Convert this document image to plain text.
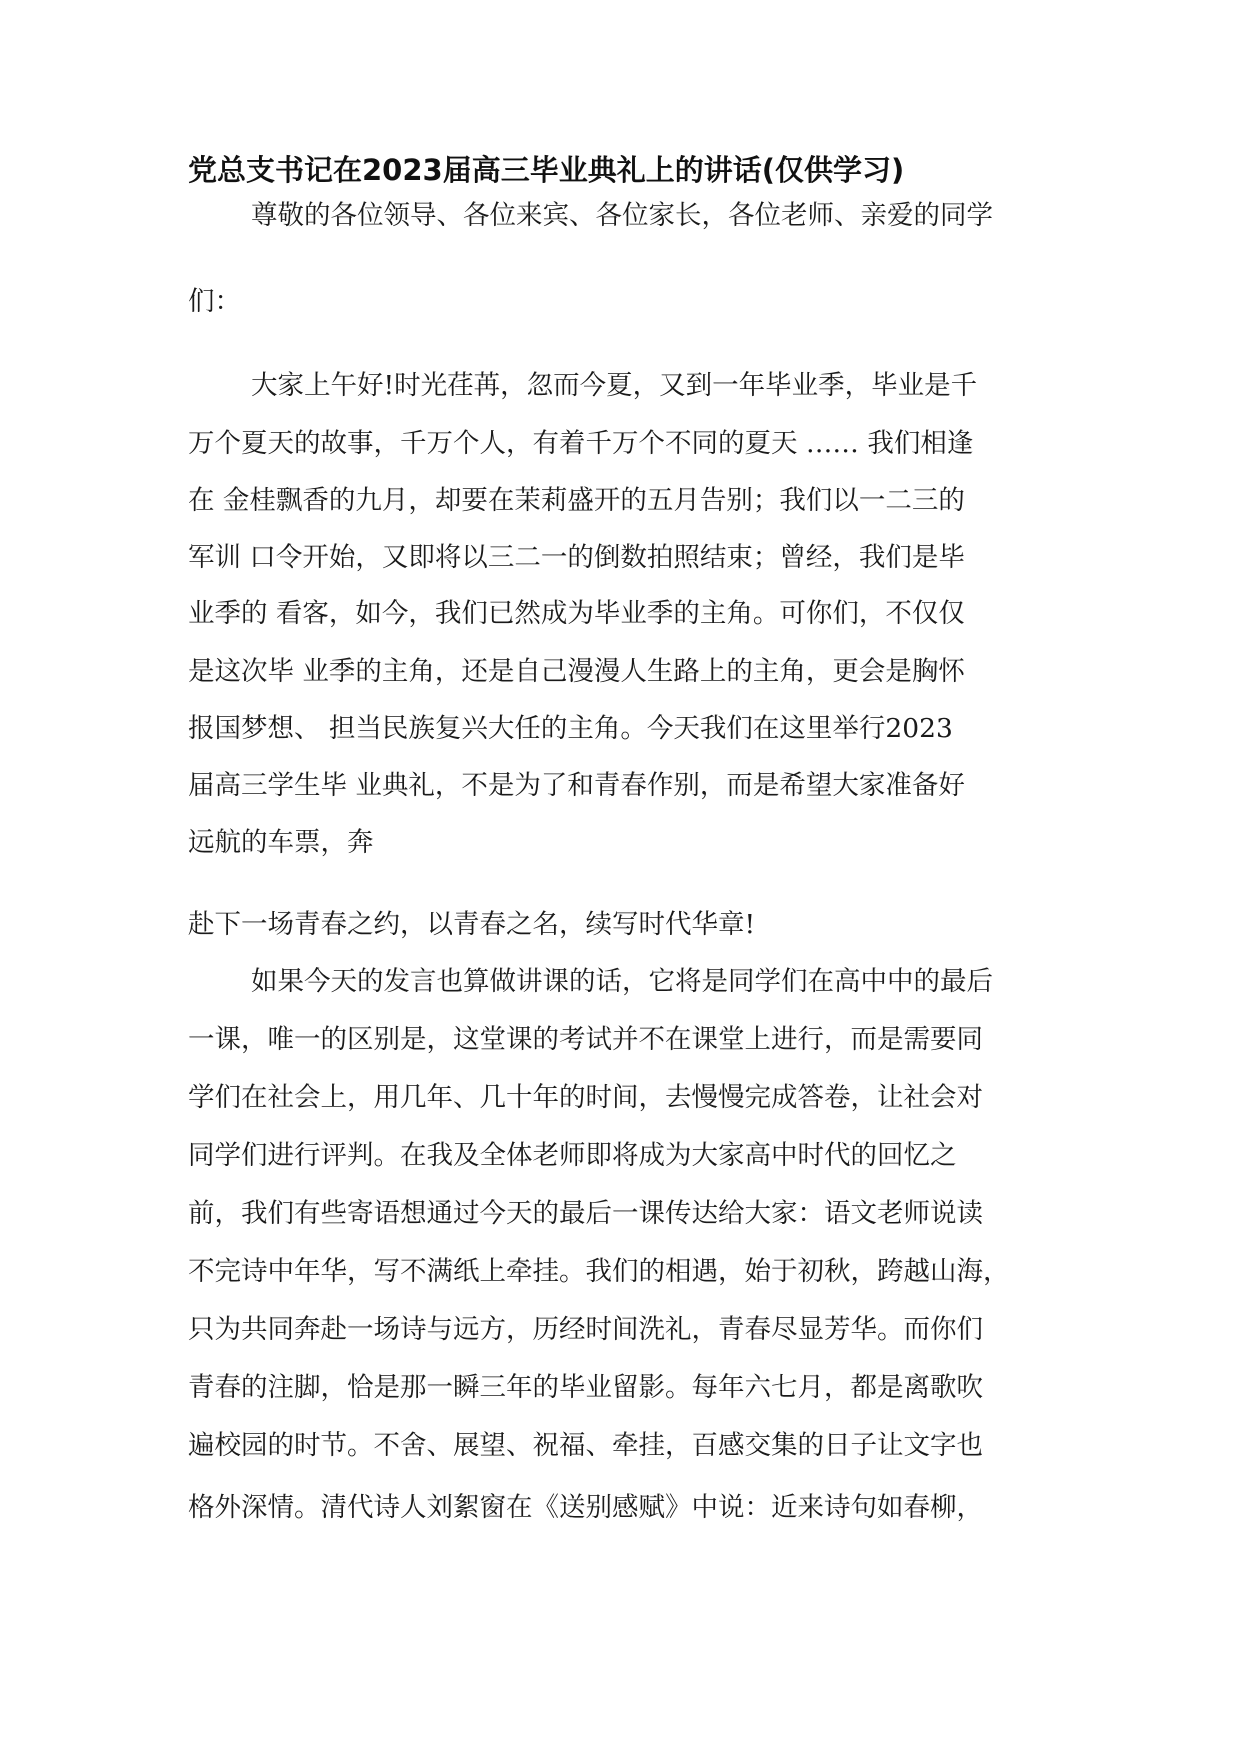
党总支书记在2023届高三毕业典礼上的讲话(仅供学习)
尊敬的各位领导、各位来宾、各位家长，各位老师、亲爱的同学
们：
大家上午好!时光荏苒，忽而今夏，又到一年毕业季，毕业是千
万个夏天的故事，千万个人，有着千万个不同的夏天 …… 我们相逢
在 金桂飘香的九月，却要在茉莉盛开的五月告别；我们以一二三的
军训 口令开始，又即将以三二一的倒数拍照结束；曾经，我们是毕
业季的 看客，如今，我们已然成为毕业季的主角。可你们，不仅仅
是这次毕 业季的主角，还是自己漫漫人生路上的主角，更会是胸怀
报国梦想、 担当民族复兴大任的主角。今天我们在这里举行2023
届高三学生毕 业典礼，不是为了和青春作别，而是希望大家准备好
远航的车票，奔
赴下一场青春之约，以青春之名，续写时代华章!
如果今天的发言也算做讲课的话，它将是同学们在高中中的最后
一课，唯一的区别是，这堂课的考试并不在课堂上进行，而是需要同
学们在社会上，用几年、几十年的时间，去慢慢完成答卷，让社会对
同学们进行评判。在我及全体老师即将成为大家高中时代的回忆之
前，我们有些寄语想通过今天的最后一课传达给大家：语文老师说读
不完诗中年华，写不满纸上牵挂。我们的相遇，始于初秋，跨越山海，
只为共同奔赴一场诗与远方，历经时间洗礼，青春尽显芳华。而你们
青春的注脚，恰是那一瞬三年的毕业留影。每年六七月，都是离歌吹
遍校园的时节。不舍、展望、祝福、牵挂，百感交集的日子让文字也
格外深情。清代诗人刘絮窗在《送别感赋》中说：近来诗句如春柳，
